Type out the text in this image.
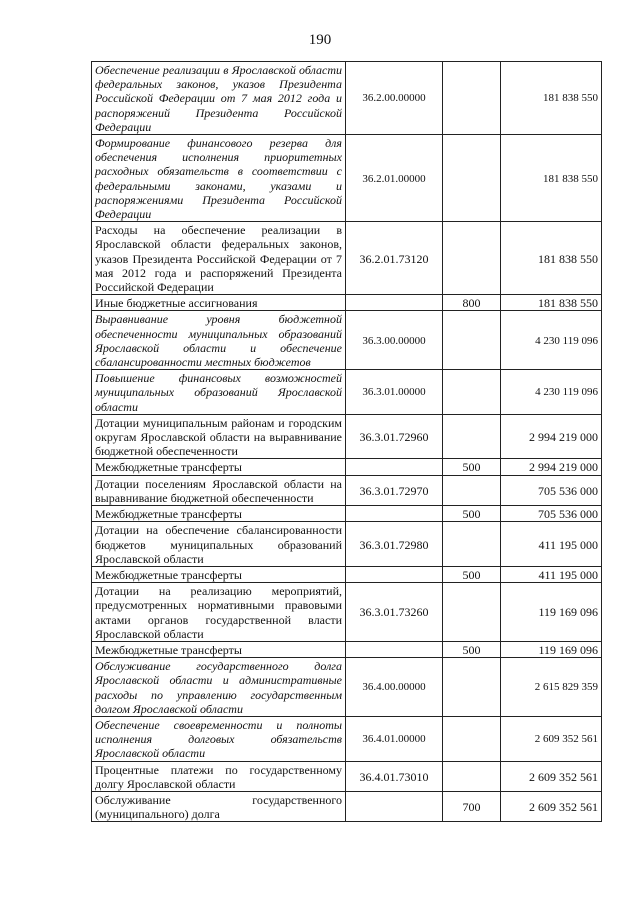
190
Обеспечение реализации в Ярославской области федеральных законов, указов Президента Российской Федерации от 7 мая 2012 года и распоряжений Президента Российской Федерации	36.2.00.00000		181 838 550
Формирование финансового резерва для обеспечения исполнения приоритетных расходных обязательств в соответствии с федеральными законами, указами и распоряжениями Президента Российской Федерации	36.2.01.00000		181 838 550
Расходы на обеспечение реализации в Ярославской области федеральных законов, указов Президента Российской Федерации от 7 мая 2012 года и распоряжений Президента Российской Федерации	36.2.01.73120		181 838 550
Иные бюджетные ассигнования		800	181 838 550
Выравнивание уровня бюджетной обеспеченности муниципальных образований Ярославской области и обеспечение сбалансированности местных бюджетов	36.3.00.00000		4 230 119 096
Повышение финансовых возможностей муниципальных образований Ярославской области	36.3.01.00000		4 230 119 096
Дотации муниципальным районам и городским округам Ярославской области на выравнивание бюджетной обеспеченности	36.3.01.72960		2 994 219 000
Межбюджетные трансферты		500	2 994 219 000
Дотации поселениям Ярославской области на выравнивание бюджетной обеспеченности	36.3.01.72970		705 536 000
Межбюджетные трансферты		500	705 536 000
Дотации на обеспечение сбалансированности бюджетов муниципальных образований Ярославской области	36.3.01.72980		411 195 000
Межбюджетные трансферты		500	411 195 000
Дотации на реализацию мероприятий, предусмотренных нормативными правовыми актами органов государственной власти Ярославской области	36.3.01.73260		119 169 096
Межбюджетные трансферты		500	119 169 096
Обслуживание государственного долга Ярославской области и административные расходы по управлению государственным долгом Ярославской области	36.4.00.00000		2 615 829 359
Обеспечение своевременности и полноты исполнения долговых обязательств Ярославской области	36.4.01.00000		2 609 352 561
Процентные платежи по государственному долгу Ярославской области	36.4.01.73010		2 609 352 561
Обслуживание государственного (муниципального) долга		700	2 609 352 561
